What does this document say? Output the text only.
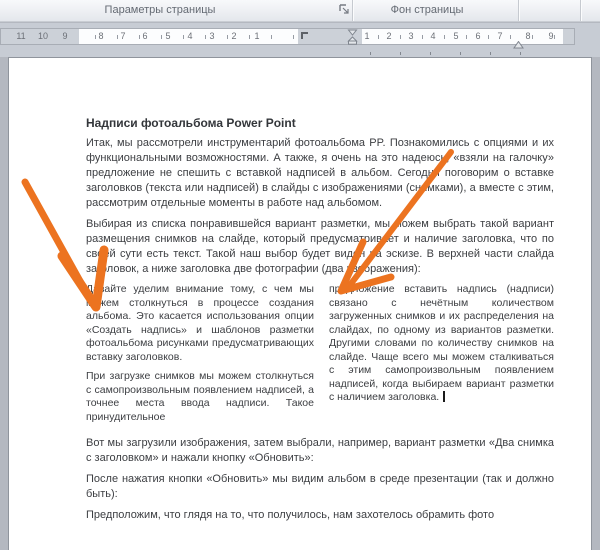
Параметры страницы	Фон страницы
11 10 9	8 7 6 5 4 3 2 1	1 2 3 4 5 6 7	8 9
Надписи фотоальбома Power Point

Итак, мы рассмотрели инструментарий фотоальбома PP. Познакомились с опциями и их функциональными возможностями. А также, я очень на это надеюсь, «взяли на галочку» предложение не спешить с вставкой надписей в альбом. Сегодня поговорим о вставке заголовков (текста или надписей) в слайды с изображениями (снимками), а вместе с этим, рассмотрим отдельные моменты в работе над альбомом.

Выбирая из списка понравившейся вариант разметки, мы можем выбрать такой вариант размещения снимков на слайде, который предусматривает и наличие заголовка, что по своей сути есть текст. Такой наш выбор будет виден на эскизе. В верхней части слайда заголовок, а ниже заголовка две фотографии (два изображения):

Давайте уделим внимание тому, с чем мы можем столкнуться в процессе создания альбома. Это касается использования опции «Создать надпись» и шаблонов разметки фотоальбома рисунками предусматривающих вставку заголовков.

При загрузке снимков мы можем столкнуться с самопроизвольным появлением надписей, а точнее места ввода надписи. Такое принудительное

предложение вставить надпись (надписи) связано с нечётным количеством загруженных снимков и их распределения на слайдах, по одному из вариантов разметки. Другими словами по количеству снимков на слайде. Чаще всего мы можем сталкиваться с этим самопроизвольным появлением надписей, когда выбираем вариант разметки с наличием заголовка.

Вот мы загрузили изображения, затем выбрали, например, вариант разметки «Два снимка с заголовком» и нажали кнопку «Обновить»:

После нажатия кнопки «Обновить» мы видим альбом в среде презентации (так и должно быть):

Предположим, что глядя на то, что получилось, нам захотелось обрамить фото
